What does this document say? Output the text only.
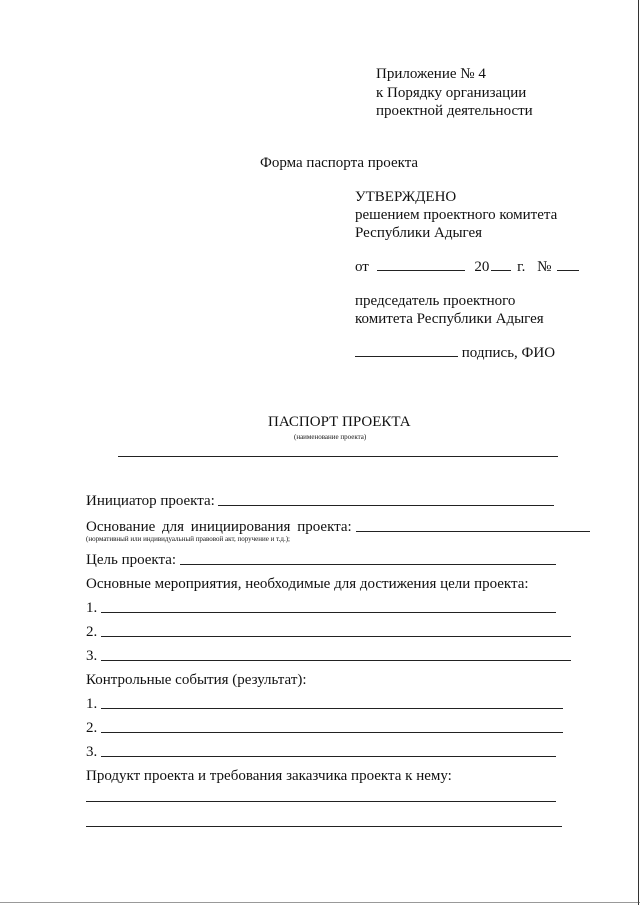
Приложение № 4
к Порядку организации
проектной деятельности
Форма паспорта проекта
УТВЕРЖДЕНО
решением проектного комитета
Республики Адыгея
от	20 г. №
председатель проектного
комитета Республики Адыгея
подпись, ФИО
ПАСПОРТ ПРОЕКТА
(наименование проекта)
Инициатор проекта:
Основание для инициирования проекта:
(нормативный или индивидуальный правовой акт, поручение и т.д.);
Цель проекта:
Основные мероприятия, необходимые для достижения цели проекта:
1.
2.
3.
Контрольные события (результат):
1.
2.
3.
Продукт проекта и требования заказчика проекта к нему:
